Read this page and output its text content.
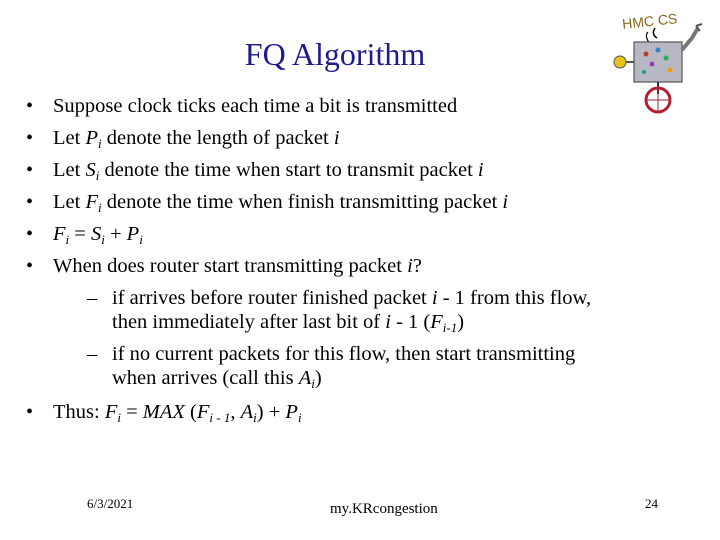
FQ Algorithm
HMC CS
• Suppose clock ticks each time a bit is transmitted
• Let $P_i$ denote the length of packet i
• Let $S_i$ denote the time when start to transmit packet i
• Let $F_i$ denote the time when finish transmitting packet i
• $F_i = S_i + P_i$
• When does router start transmitting packet i?
– if arrives before router finished packet i - 1 from this flow,
then immediately after last bit of i - 1 $(F_{i-1})$
– if no current packets for this flow, then start transmitting
when arrives (call this $A_i$)
• Thus: $F_i$ = MAX ($F_{i - 1}$, $A_i) + P_i$
6/3/2021	my.KRcongestion	24
